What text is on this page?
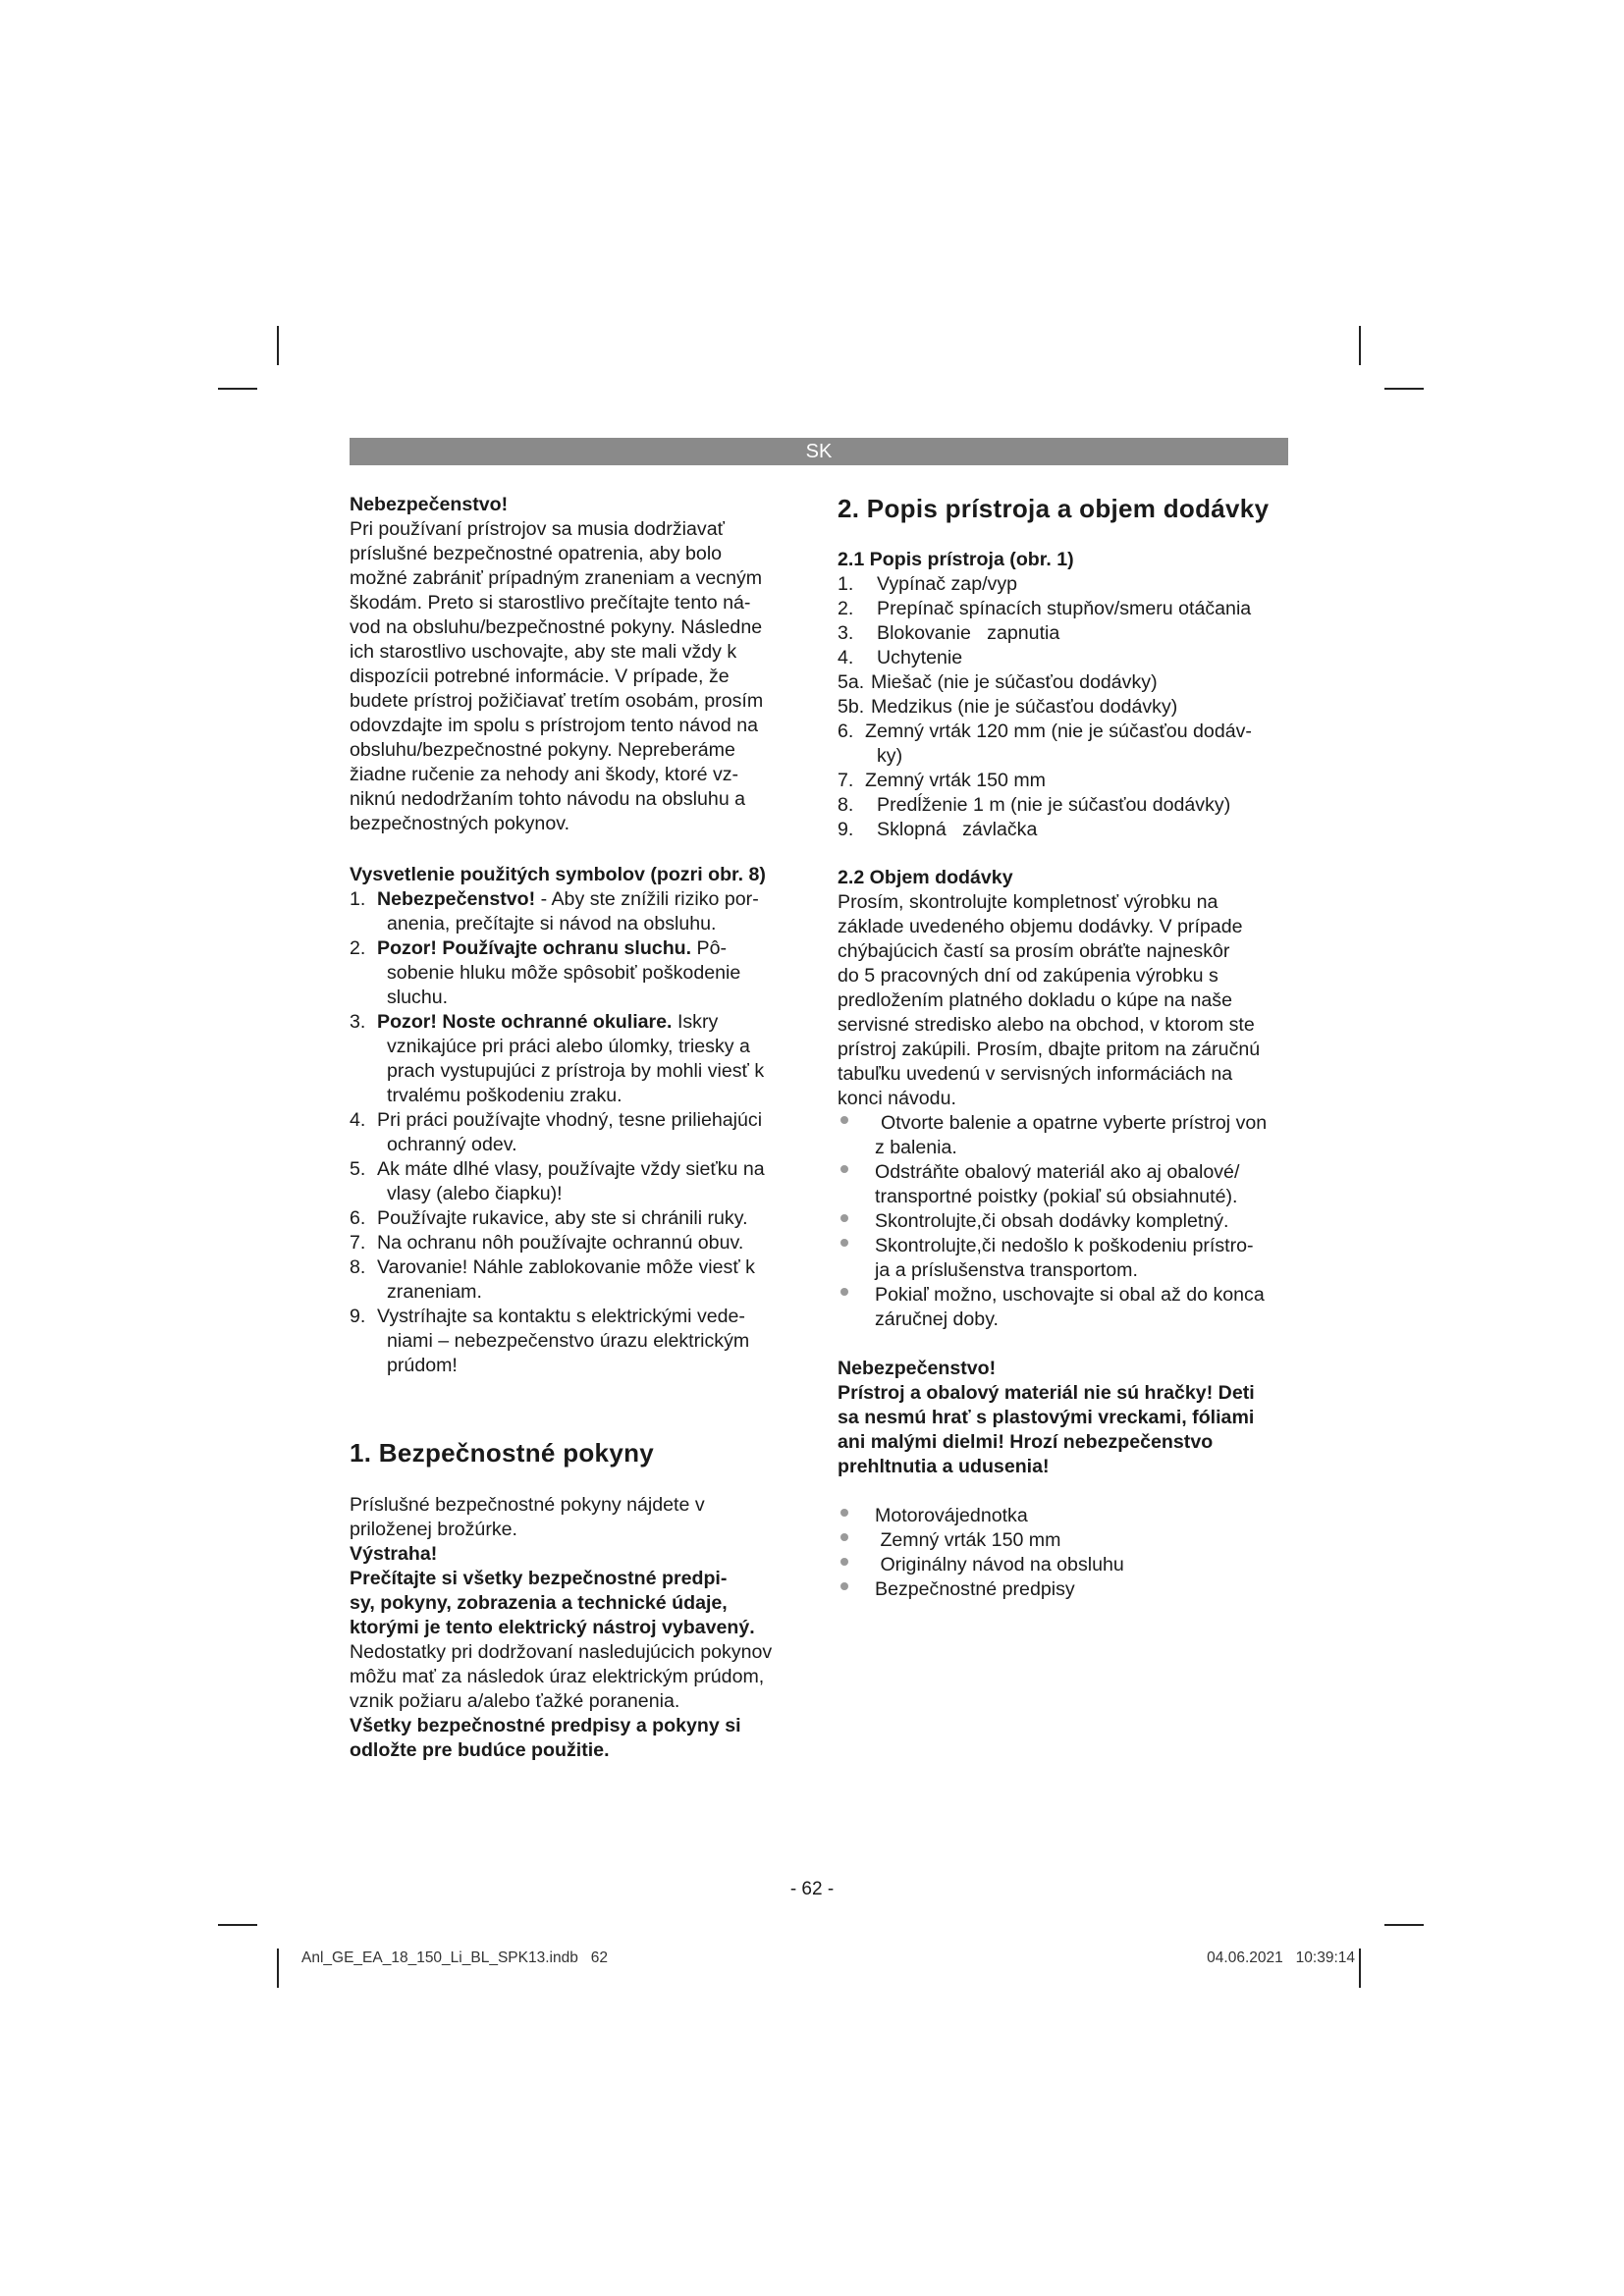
SK

Nebezpečenstvo!

Pri používaní prístrojov sa musia dodržiavať
príslušné bezpečnostné opatrenia, aby bolo
možné zabrániť prípadným zraneniam a vecným
škodám. Preto si starostlivo prečítajte tento ná-
vod na obsluhu/bezpečnostné pokyny. Následne
ich starostlivo uschovajte, aby ste mali vždy k
dispozícii potrebné informácie. V prípade, že
budete prístroj požičiavať tretím osobám, prosím
odovzdajte im spolu s prístrojom tento návod na
obsluhu/bezpečnostné pokyny. Nepreberáme
žiadne ručenie za nehody ani škody, ktoré vz-
niknú nedodržaním tohto návodu na obsluhu a
bezpečnostných pokynov.

Vysvetlenie použitých symbolov (pozri obr. 8)

1. Nebezpečenstvo! - Aby ste znížili riziko por-
anenia, prečítajte si návod na obsluhu.
2. Pozor! Používajte ochranu sluchu. Pô-
sobenie hluku môže spôsobiť poškodenie
sluchu.
3. Pozor! Noste ochranné okuliare. Iskry
vznikajúce pri práci alebo úlomky, triesky a
prach vystupujúci z prístroja by mohli viesť k
trvalému poškodeniu zraku.
4. Pri práci používajte vhodný, tesne priliehajúci
ochranný odev.
5. Ak máte dlhé vlasy, používajte vždy sieťku na
vlasy (alebo čiapku)!
6. Používajte rukavice, aby ste si chránili ruky.
7. Na ochranu nôh používajte ochrannú obuv.
8. Varovanie! Náhle zablokovanie môže viesť k
zraneniam.
9. Vystríhajte sa kontaktu s elektrickými vede-
niami – nebezpečenstvo úrazu elektrickým
prúdom!

1. Bezpečnostné pokyny

Príslušné bezpečnostné pokyny nájdete v
priloženej brožúrke.

Výstraha!

Prečítajte si všetky bezpečnostné predpi-
sy, pokyny, zobrazenia a technické údaje,
ktorými je tento elektrický nástroj vybavený.
Nedostatky pri dodržovaní nasledujúcich pokynov
môžu mať za následok úraz elektrickým prúdom,
vznik požiaru a/alebo ťažké poranenia.
Všetky bezpečnostné predpisy a pokyny si
odložte pre budúce použitie.

2. Popis prístroja a objem dodávky

2.1 Popis prístroja (obr. 1)

1. Vypínač zap/vyp
2. Prepínač spínacích stupňov/smeru otáčania
3. Blokovanie   zapnutia
4. Uchytenie
5a. Miešač (nie je súčasťou dodávky)
5b. Medzikus (nie je súčasťou dodávky)
6. Zemný vrták 120 mm (nie je súčasťou dodáv-
ky)
7. Zemný vrták 150 mm
8. Predĺženie 1 m (nie je súčasťou dodávky)
9. Sklopná   závlačka

2.2 Objem dodávky

Prosím, skontrolujte kompletnosť výrobku na
základe uvedeného objemu dodávky. V prípade
chýbajúcich častí sa prosím obráťte najneskôr
do 5 pracovných dní od zakúpenia výrobku s
predložením platného dokladu o kúpe na naše
servisné stredisko alebo na obchod, v ktorom ste
prístroj zakúpili. Prosím, dbajte pritom na záručnú
tabuľku uvedenú v servisných informáciách na
konci návodu.
Otvorte balenie a opatrne vyberte prístroj von
z balenia.
Odstráňte obalový materiál ako aj obalové/
transportné poistky (pokiaľ sú obsiahnuté).
Skontrolujte,či obsah dodávky kompletný.
Skontrolujte,či nedošlo k poškodeniu prístro-
ja a príslušenstva transportom.
Pokiaľ možno, uschovajte si obal až do konca
záručnej doby.

Nebezpečenstvo!

Prístroj a obalový materiál nie sú hračky! Deti
sa nesmú hrať s plastovými vreckami, fóliami
ani malými dielmi! Hrozí nebezpečenstvo
prehltnutia a udusenia!
Motorovájednotka
Zemný vrták 150 mm
Originálny návod na obsluhu
Bezpečnostné predpisy
- 62 -
Anl_GE_EA_18_150_Li_BL_SPK13.indb   62	04.06.2021   10:39:14
